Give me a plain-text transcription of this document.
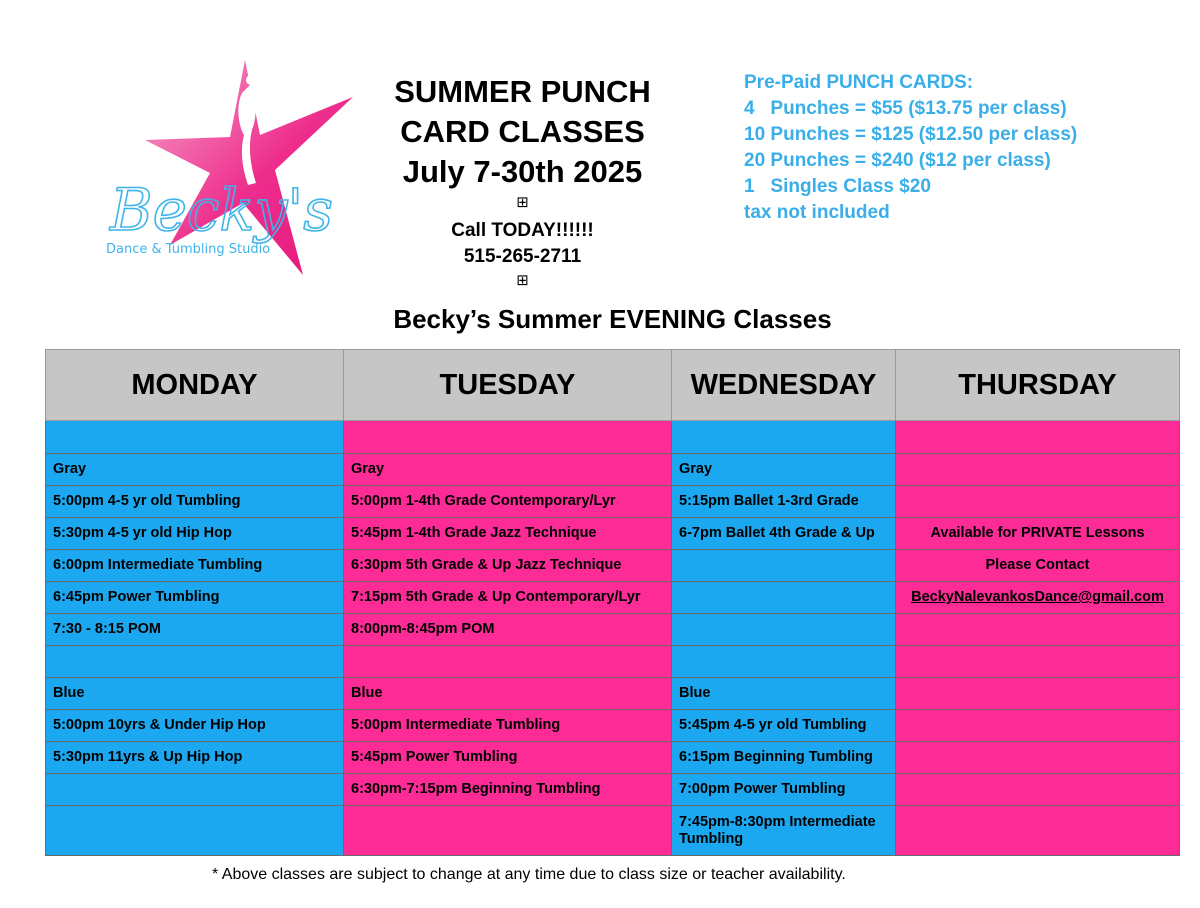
Becky's
Dance & Tumbling Studio
SUMMER PUNCH
CARD CLASSES
July 7-30th 2025
⊞
Call TODAY!!!!!!
515-265-2711
⊞
Pre-Paid PUNCH CARDS:
4   Punches = $55 ($13.75 per class)
10 Punches = $125 ($12.50 per class)
20 Punches = $240 ($12 per class)
1   Singles Class $20
tax not included
Becky’s Summer EVENING Classes
MONDAY	TUESDAY	WEDNESDAY	THURSDAY

Gray	Gray	Gray	
5:00pm 4-5 yr old Tumbling	5:00pm 1-4th Grade Contemporary/Lyr	5:15pm Ballet 1-3rd Grade	
5:30pm 4-5 yr old Hip Hop	5:45pm 1-4th Grade Jazz Technique	6-7pm Ballet 4th Grade & Up	Available for PRIVATE Lessons
6:00pm Intermediate Tumbling	6:30pm 5th Grade & Up Jazz Technique		Please Contact
6:45pm Power Tumbling	7:15pm 5th Grade & Up Contemporary/Lyr		BeckyNalevankosDance@gmail.com
7:30 - 8:15 POM	8:00pm-8:45pm POM		

Blue	Blue	Blue	
5:00pm 10yrs & Under Hip Hop	5:00pm Intermediate Tumbling	5:45pm 4-5 yr old Tumbling	
5:30pm 11yrs & Up Hip Hop	5:45pm Power Tumbling	6:15pm Beginning Tumbling	
	6:30pm-7:15pm Beginning Tumbling	7:00pm Power Tumbling	
		7:45pm-8:30pm Intermediate Tumbling	
* Above classes are subject to change at any time due to class size or teacher availability.
